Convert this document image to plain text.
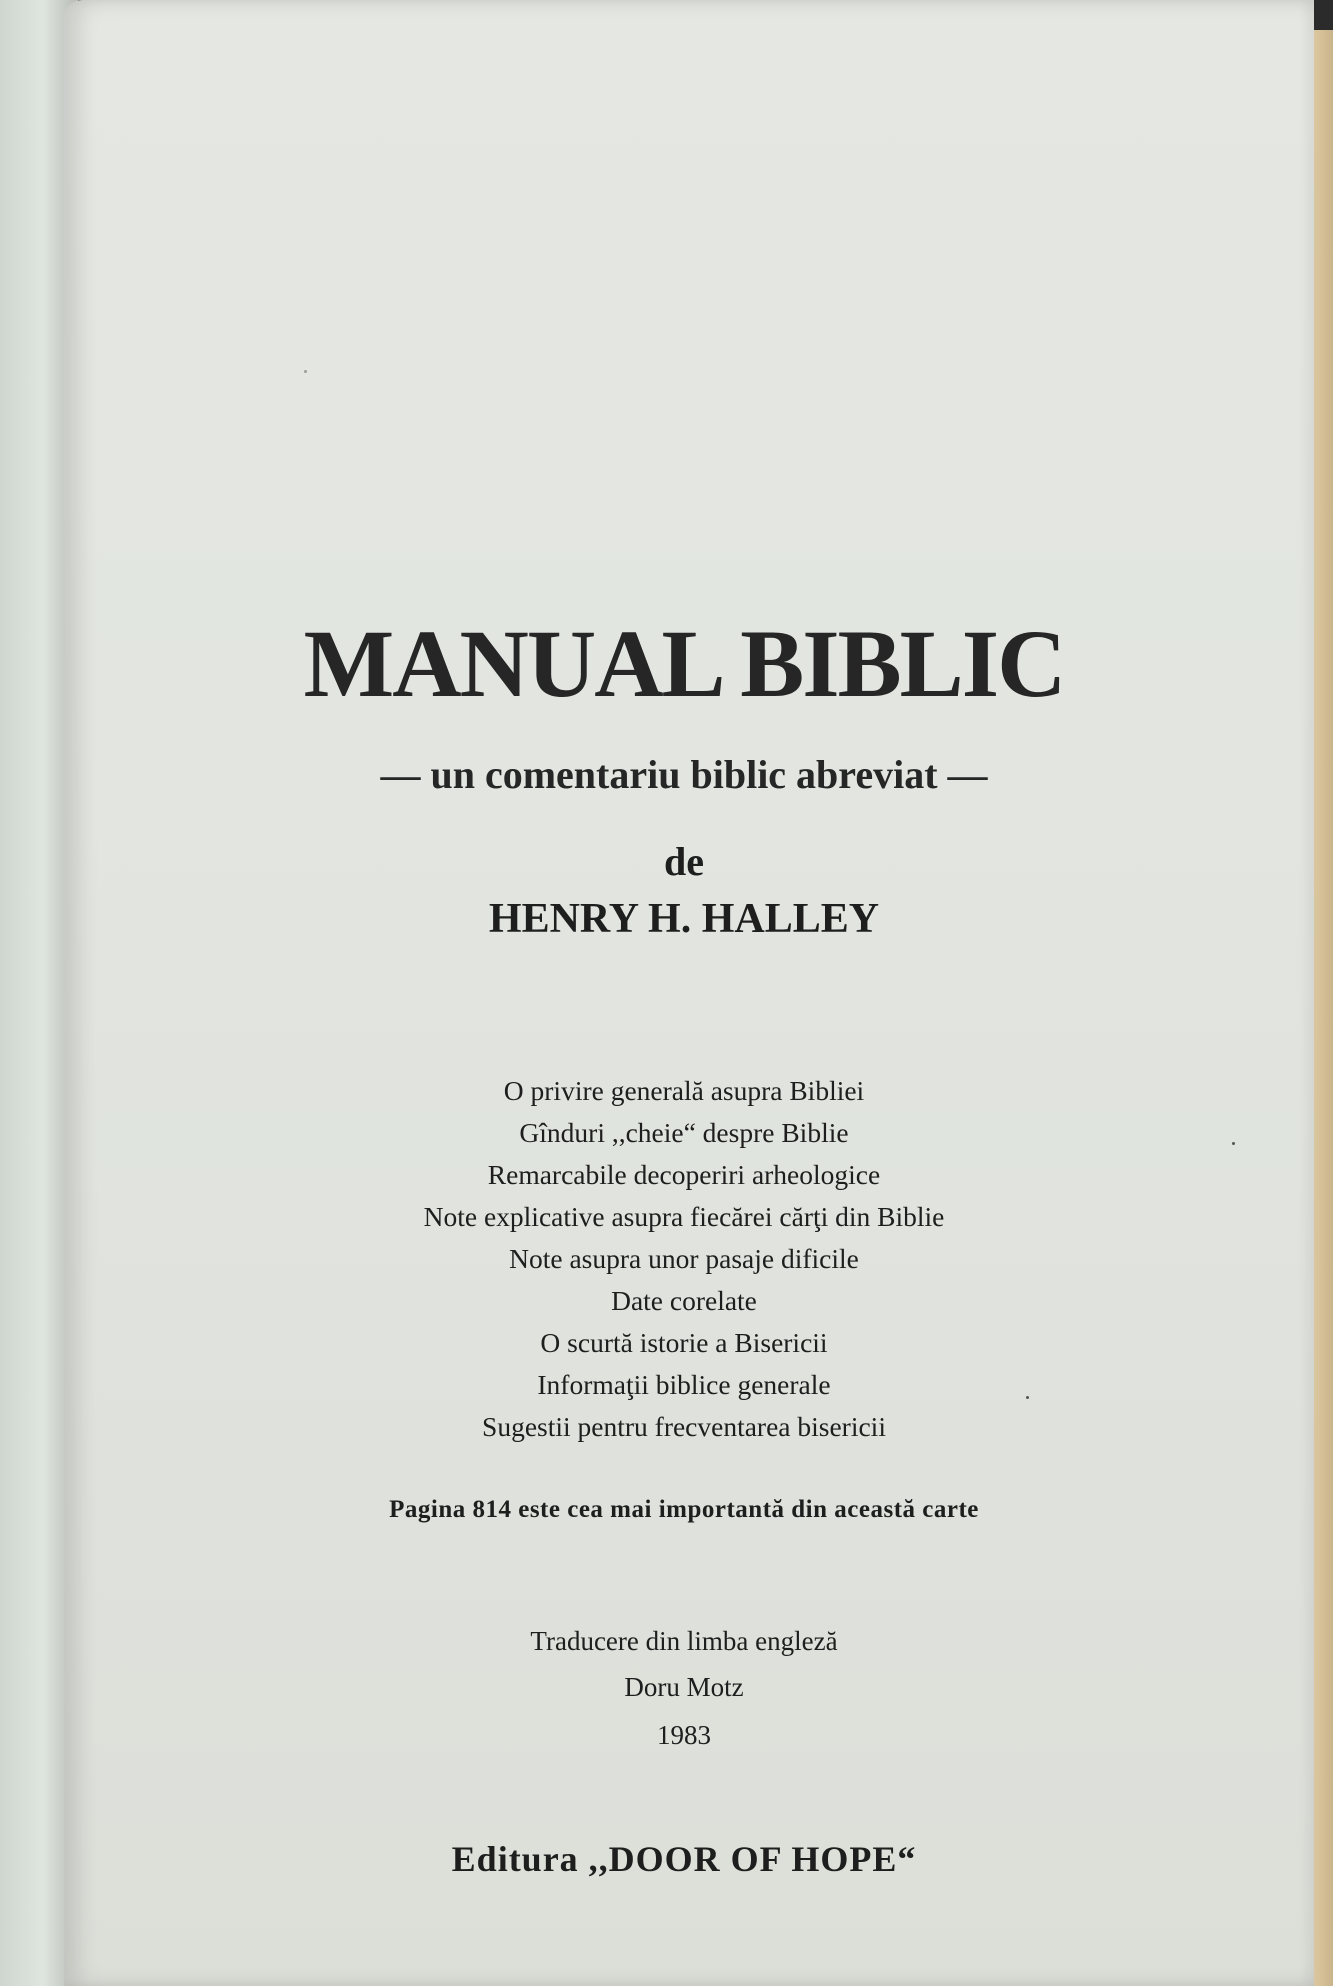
MANUAL BIBLIC
— un comentariu biblic abreviat —
de
HENRY H. HALLEY
O privire generală asupra Bibliei
Gînduri ,,cheie“ despre Biblie
Remarcabile decoperiri arheologice
Note explicative asupra fiecărei cărţi din Biblie
Note asupra unor pasaje dificile
Date corelate
O scurtă istorie a Bisericii
Informaţii biblice generale
Sugestii pentru frecventarea bisericii
Pagina 814 este cea mai importantă din această carte
Traducere din limba engleză
Doru Motz
1983
Editura ,,DOOR OF HOPE“
